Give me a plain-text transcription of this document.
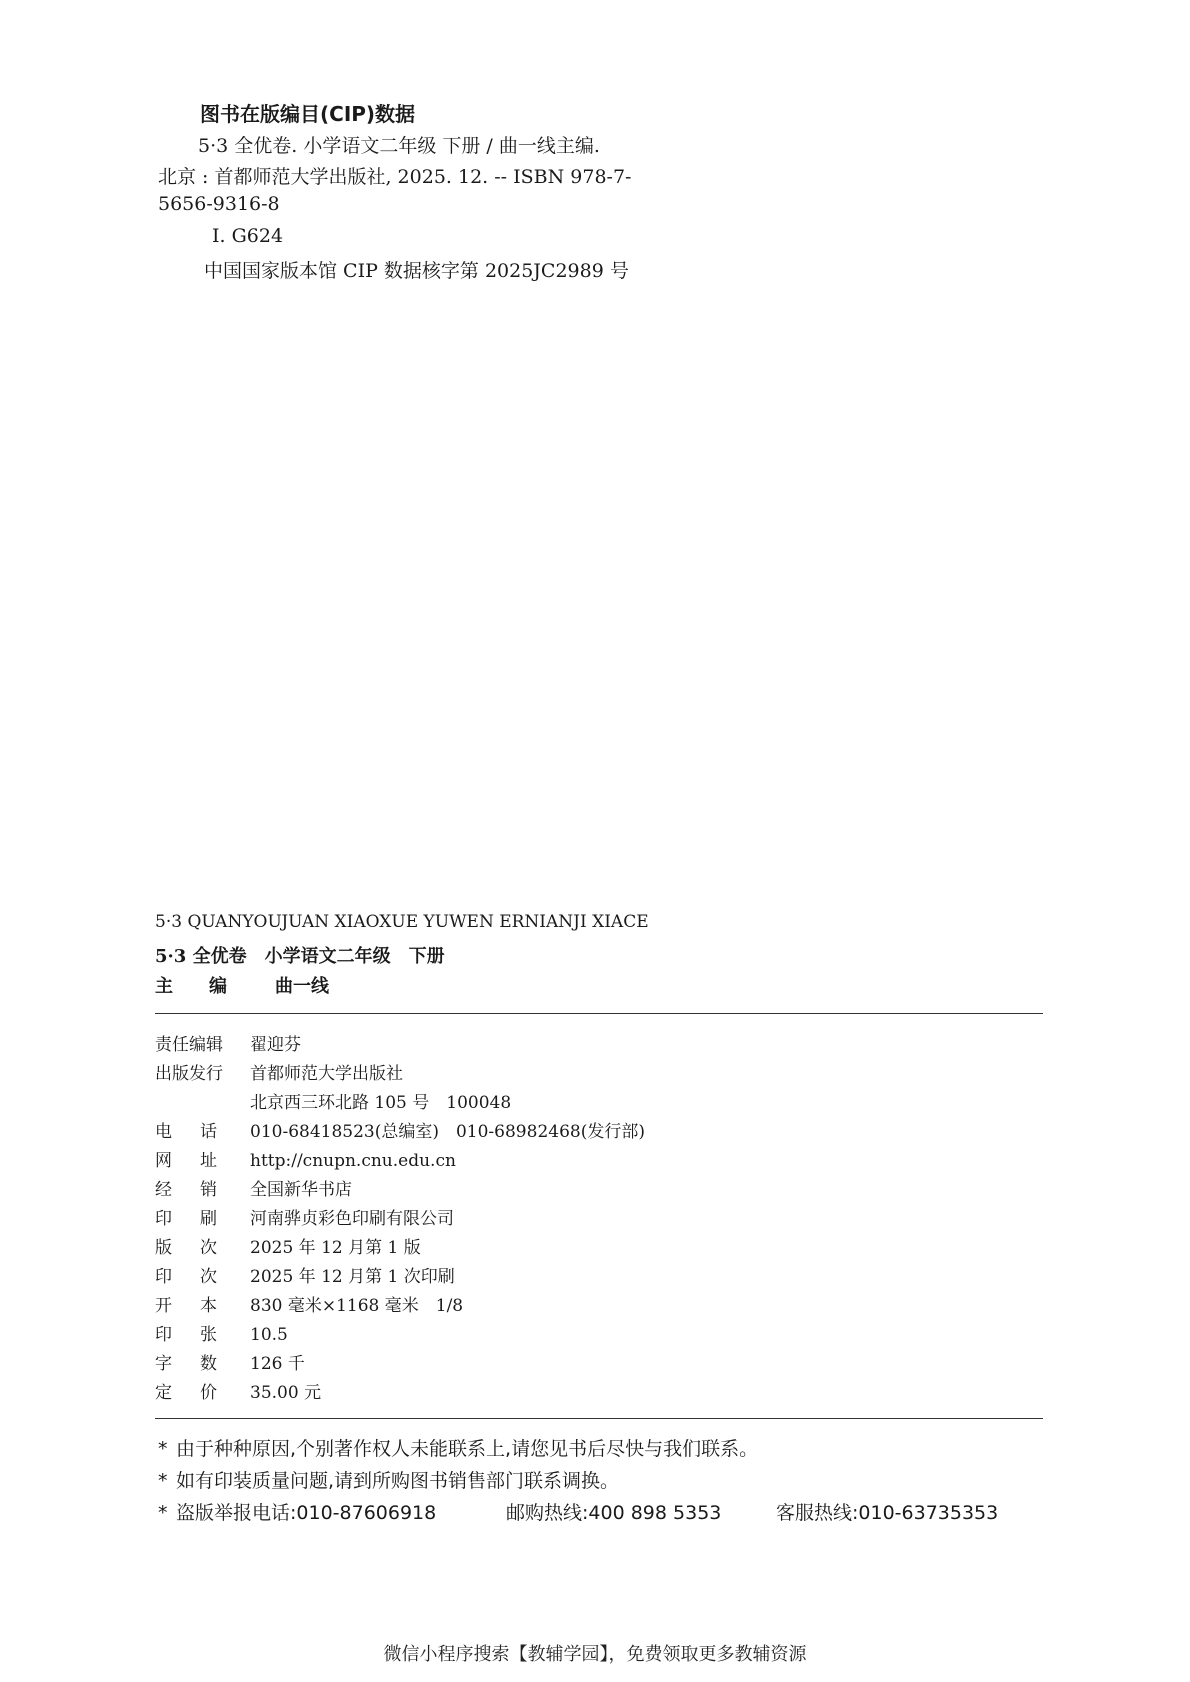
图书在版编目(CIP)数据
5·3 全优卷. 小学语文二年级 下册 / 曲一线主编.
北京 : 首都师范大学出版社, 2025. 12. -- ISBN 978-7-
5656-9316-8
Ⅰ. G624
中国国家版本馆 CIP 数据核字第 2025JC2989 号
5·3 QUANYOUJUAN XIAOXUE YUWEN ERNIANJI XIACE
5·3 全优卷　小学语文二年级　下册
主　　编	曲一线
责任编辑 翟迎芬
出版发行 首都师范大学出版社
北京西三环北路 105 号　100048
电话 010-68418523(总编室)　010-68982468(发行部)
网址 http://cnupn.cnu.edu.cn
经销 全国新华书店
印刷 河南骅贞彩色印刷有限公司
版次 2025 年 12 月第 1 版
印次 2025 年 12 月第 1 次印刷
开本 830 毫米×1168 毫米　1/8
印张 10.5
字数 126 千
定价 35.00 元
* 由于种种原因,个别著作权人未能联系上,请您见书后尽快与我们联系。
* 如有印装质量问题,请到所购图书销售部门联系调换。
* 盗版举报电话:010-87606918	邮购热线:400 898 5353	客服热线:010-63735353
微信小程序搜索【教辅学园】，免费领取更多教辅资源
